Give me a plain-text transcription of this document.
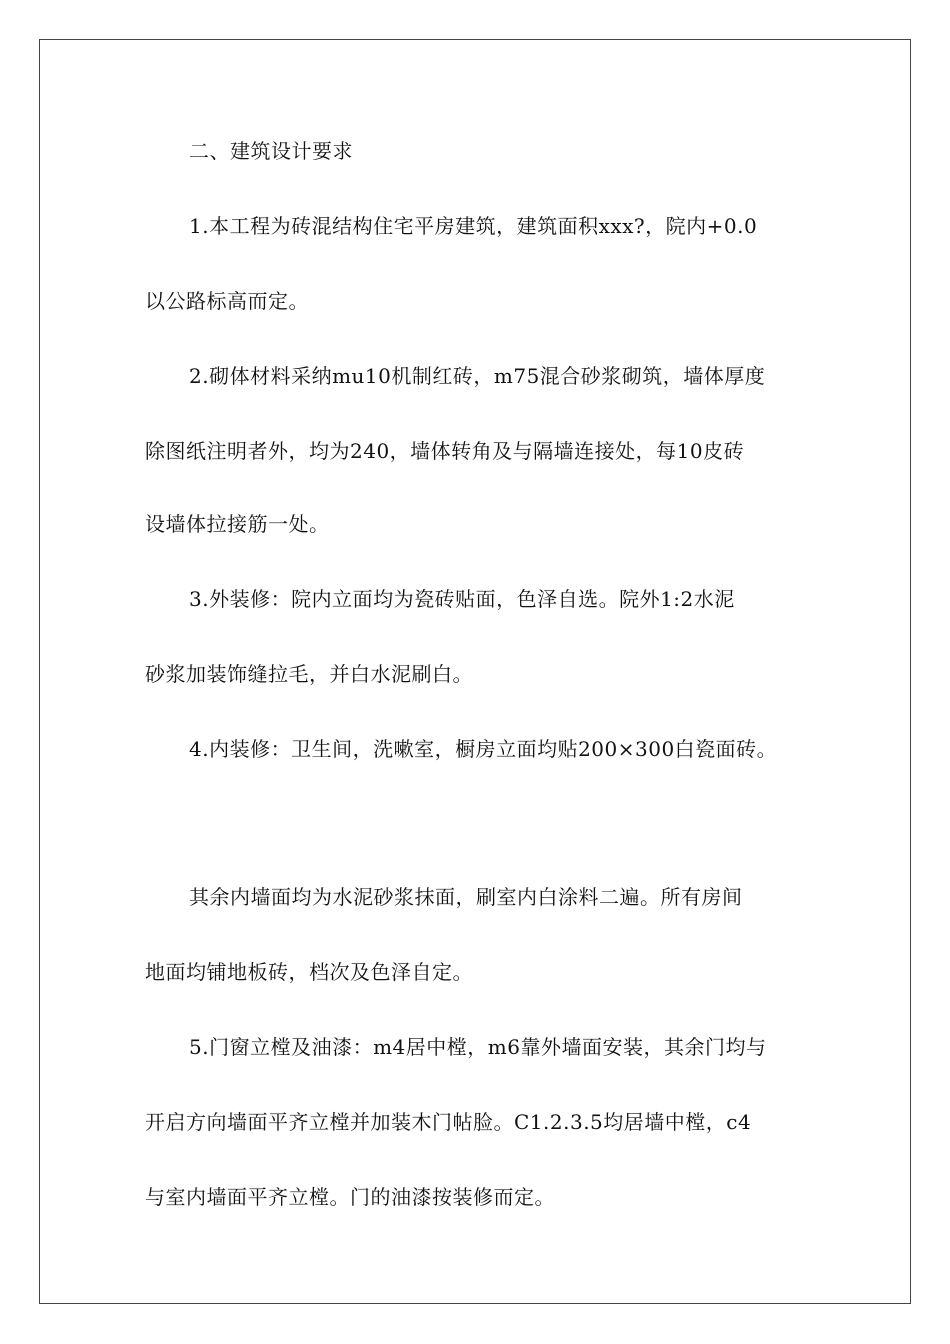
二、建筑设计要求
1.本工程为砖混结构住宅平房建筑，建筑面积xxx?，院内+0.0
以公路标高而定。
2.砌体材料采纳mu10机制红砖，m75混合砂浆砌筑，墙体厚度
除图纸注明者外，均为240，墙体转角及与隔墙连接处，每10皮砖
设墙体拉接筋一处。
3.外装修：院内立面均为瓷砖贴面，色泽自选。院外1:2水泥
砂浆加装饰缝拉毛，并白水泥刷白。
4.内装修：卫生间，洗嗽室，橱房立面均贴200×300白瓷面砖。
其余内墙面均为水泥砂浆抹面，刷室内白涂料二遍。所有房间
地面均铺地板砖，档次及色泽自定。
5.门窗立樘及油漆：m4居中樘，m6靠外墙面安装，其余门均与
开启方向墙面平齐立樘并加装木门帖脸。C1.2.3.5均居墙中樘，c4
与室内墙面平齐立樘。门的油漆按装修而定。
